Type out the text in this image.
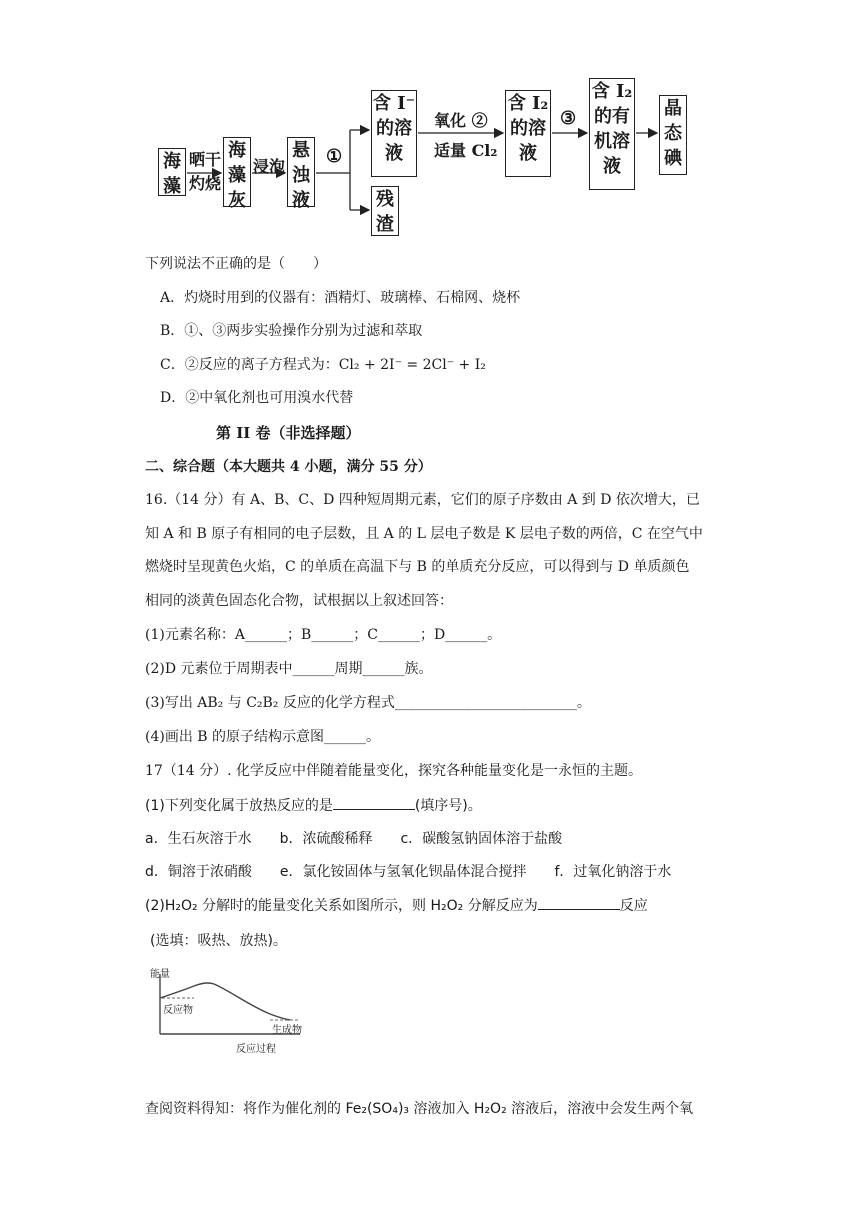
海
藻
海
藻
灰
悬
浊
液
含 I⁻
的溶
液
残
渣
含 I₂
的溶
液
含 I₂
的有
机溶
液
晶
态
碘
晒干
灼烧
浸泡 ①
氧化 ②
适量 Cl₂
③
下列说法不正确的是（　　）
A．灼烧时用到的仪器有：酒精灯、玻璃棒、石棉网、烧杯
B．①、③两步实验操作分别为过滤和萃取
C．②反应的离子方程式为：Cl₂ + 2I⁻ = 2Cl⁻ + I₂
D．②中氧化剂也可用溴水代替
第 II 卷（非选择题）
二、综合题（本大题共 4 小题，满分 55 分）
16.（14 分）有 A、B、C、D 四种短周期元素，它们的原子序数由 A 到 D 依次增大，已
知 A 和 B 原子有相同的电子层数，且 A 的 L 层电子数是 K 层电子数的两倍，C 在空气中
燃烧时呈现黄色火焰，C 的单质在高温下与 B 的单质充分反应，可以得到与 D 单质颜色
相同的淡黄色固态化合物，试根据以上叙述回答：
(1)元素名称：A______；B______；C______；D______。
(2)D 元素位于周期表中______周期______族。
(3)写出 AB₂ 与 C₂B₂ 反应的化学方程式__________________________。
(4)画出 B 的原子结构示意图______。
17（14 分）. 化学反应中伴随着能量变化，探究各种能量变化是一永恒的主题。
(1)下列变化属于放热反应的是	(填序号)。
a．生石灰溶于水　　b．浓硫酸稀释　　c．碳酸氢钠固体溶于盐酸
d．铜溶于浓硝酸　　e．氯化铵固体与氢氧化钡晶体混合搅拌　　f．过氧化钠溶于水
(2)H₂O₂ 分解时的能量变化关系如图所示，则 H₂O₂ 分解反应为	反应
(选填：吸热、放热)。
能量
反应物
生成物
反应过程
查阅资料得知：将作为催化剂的 Fe₂(SO₄)₃ 溶液加入 H₂O₂ 溶液后，溶液中会发生两个氧
